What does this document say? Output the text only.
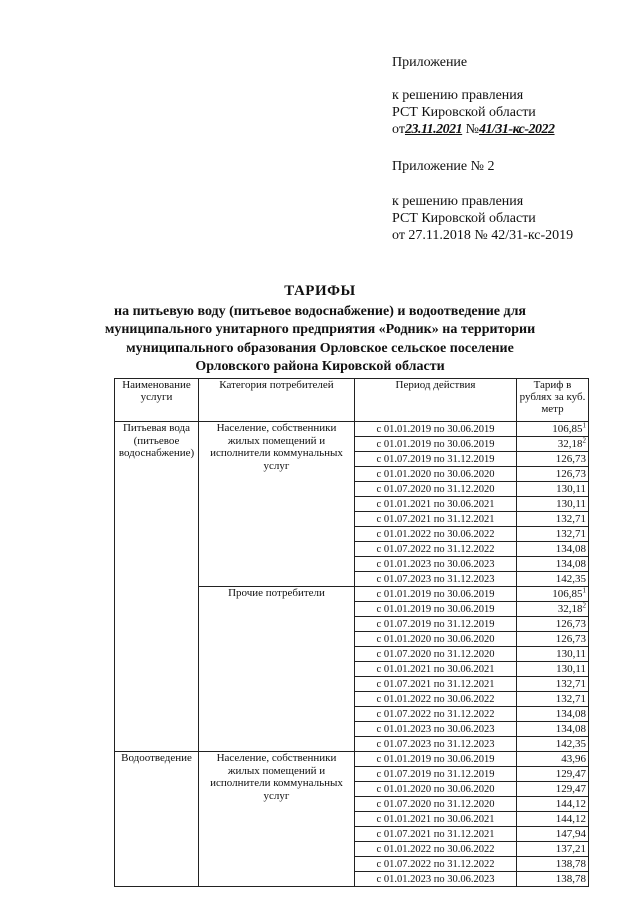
Приложение
к решению правления
РСТ Кировской области
от23.11.2021 №41/31-кс-2022
Приложение № 2
к решению правления
РСТ Кировской области
от 27.11.2018 № 42/31-кс-2019
ТАРИФЫ
на питьевую воду (питьевое водоснабжение) и водоотведение для
муниципального унитарного предприятия «Родник» на территории
муниципального образования Орловское сельское поселение
Орловского района Кировской области
Наименование услуги	Категория потребителей	Период действия	Тариф в рублях за куб. метр
Питьевая вода (питьевое водоснабжение)	Население, собственники жилых помещений и исполнители коммунальных услуг	с 01.01.2019 по 30.06.2019	106,85$^1$
		с 01.01.2019 по 30.06.2019	32,18$^2$
		с 01.07.2019 по 31.12.2019	126,73
		с 01.01.2020 по 30.06.2020	126,73
		с 01.07.2020 по 31.12.2020	130,11
		с 01.01.2021 по 30.06.2021	130,11
		с 01.07.2021 по 31.12.2021	132,71
		с 01.01.2022 по 30.06.2022	132,71
		с 01.07.2022 по 31.12.2022	134,08
		с 01.01.2023 по 30.06.2023	134,08
		с 01.07.2023 по 31.12.2023	142,35
	Прочие потребители	с 01.01.2019 по 30.06.2019	106,85$^1$
		с 01.01.2019 по 30.06.2019	32,18$^2$
		с 01.07.2019 по 31.12.2019	126,73
		с 01.01.2020 по 30.06.2020	126,73
		с 01.07.2020 по 31.12.2020	130,11
		с 01.01.2021 по 30.06.2021	130,11
		с 01.07.2021 по 31.12.2021	132,71
		с 01.01.2022 по 30.06.2022	132,71
		с 01.07.2022 по 31.12.2022	134,08
		с 01.01.2023 по 30.06.2023	134,08
		с 01.07.2023 по 31.12.2023	142,35
Водоотведение	Население, собственники жилых помещений и исполнители коммунальных услуг	с 01.01.2019 по 30.06.2019	43,96
		с 01.07.2019 по 31.12.2019	129,47
		с 01.01.2020 по 30.06.2020	129,47
		с 01.07.2020 по 31.12.2020	144,12
		с 01.01.2021 по 30.06.2021	144,12
		с 01.07.2021 по 31.12.2021	147,94
		с 01.01.2022 по 30.06.2022	137,21
		с 01.07.2022 по 31.12.2022	138,78
		с 01.01.2023 по 30.06.2023	138,78
